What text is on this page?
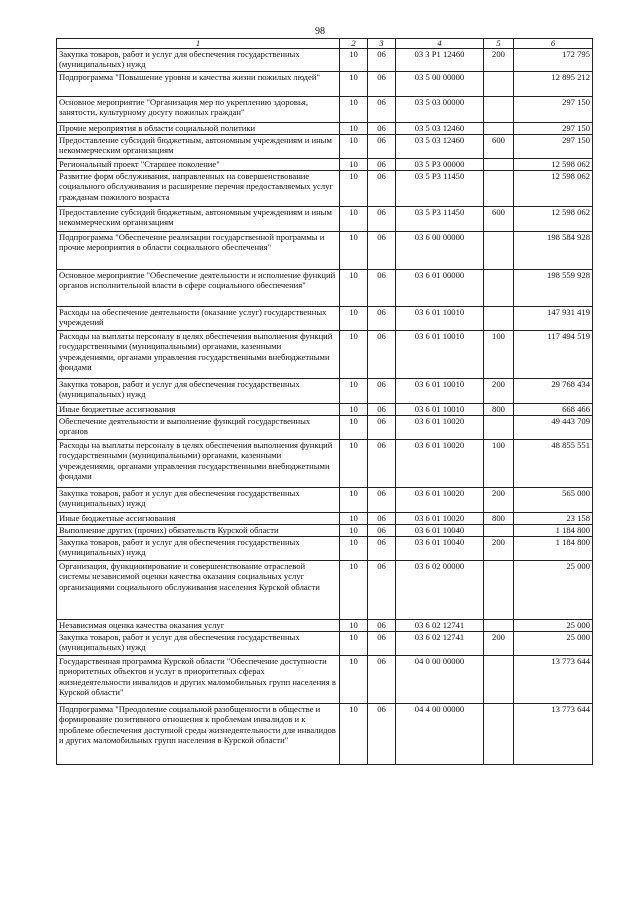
98
1	2	3	4	5	6
Закупка товаров, работ и услуг для обеспечения государственных (муниципальных) нужд	10	06	03 3 P1 12460	200	172 795
Подпрограмма "Повышение уровня и качества жизни пожилых людей"	10	06	03 5 00 00000		12 895 212
Основное мероприятие "Организация мер по укреплению здоровья, занятости, культурному досугу пожилых граждан"	10	06	03 5 03 00000		297 150
Прочие мероприятия в области социальной политики	10	06	03 5 03 12460		297 150
Предоставление субсидий бюджетным, автономным учреждениям и иным некоммерческим организациям	10	06	03 5 03 12460	600	297 150
Региональный проект "Старшее поколение"	10	06	03 5 P3 00000		12 598 062
Развитие форм обслуживания, направленных на совершенствование социального обслуживания и расширение перечня предоставляемых услуг гражданам пожилого возраста	10	06	03 5 P3 11450		12 598 062
Предоставление субсидий бюджетным, автономным учреждениям и иным некоммерческим организациям	10	06	03 5 P3 11450	600	12 598 062
Подпрограмма "Обеспечение реализации государственной программы и прочие мероприятия в области социального обеспечения"	10	06	03 6 00 00000		198 584 928
Основное мероприятие "Обеспечение деятельности и исполнение функций органов исполнительной власти в сфере социального обеспечения"	10	06	03 6 01 00000		198 559 928
Расходы на обеспечение деятельности (оказание услуг) государственных учреждений	10	06	03 6 01 10010		147 931 419
Расходы на выплаты персоналу в целях обеспечения выполнения функций государственными (муниципальными) органами, казенными учреждениями, органами управления государственными внебюджетными фондами	10	06	03 6 01 10010	100	117 494 519
Закупка товаров, работ и услуг для обеспечения государственных (муниципальных) нужд	10	06	03 6 01 10010	200	29 768 434
Иные бюджетные ассигнования	10	06	03 6 01 10010	800	668 466
Обеспечение деятельности и выполнение функций государственных органов	10	06	03 6 01 10020		49 443 709
Расходы на выплаты персоналу в целях обеспечения выполнения функций государственными (муниципальными) органами, казенными учреждениями, органами управления государственными внебюджетными фондами	10	06	03 6 01 10020	100	48 855 551
Закупка товаров, работ и услуг для обеспечения государственных (муниципальных) нужд	10	06	03 6 01 10020	200	565 000
Иные бюджетные ассигнования	10	06	03 6 01 10020	800	23 158
Выполнение других (прочих) обязательств Курской области	10	06	03 6 01 10040		1 184 800
Закупка товаров, работ и услуг для обеспечения государственных (муниципальных) нужд	10	06	03 6 01 10040	200	1 184 800
Организация, функционирование и совершенствование отраслевой системы независимой оценки качества оказания социальных услуг организациями социального обслуживания населения Курской области	10	06	03 6 02 00000		25 000
Независимая оценка качества оказания услуг	10	06	03 6 02 12741		25 000
Закупка товаров, работ и услуг для обеспечения государственных (муниципальных) нужд	10	06	03 6 02 12741	200	25 000
Государственная программа Курской области "Обеспечение доступности приоритетных объектов и услуг в приоритетных сферах жизнедеятельности инвалидов и других маломобильных групп населения в Курской области"	10	06	04 0 00 00000		13 773 644
Подпрограмма "Преодоление социальной разобщенности в обществе и формирование позитивного отношения к проблемам инвалидов и к проблеме обеспечения доступной среды жизнедеятельности для инвалидов и других маломобильных групп населения в Курской области"	10	06	04 4 00 00000		13 773 644
